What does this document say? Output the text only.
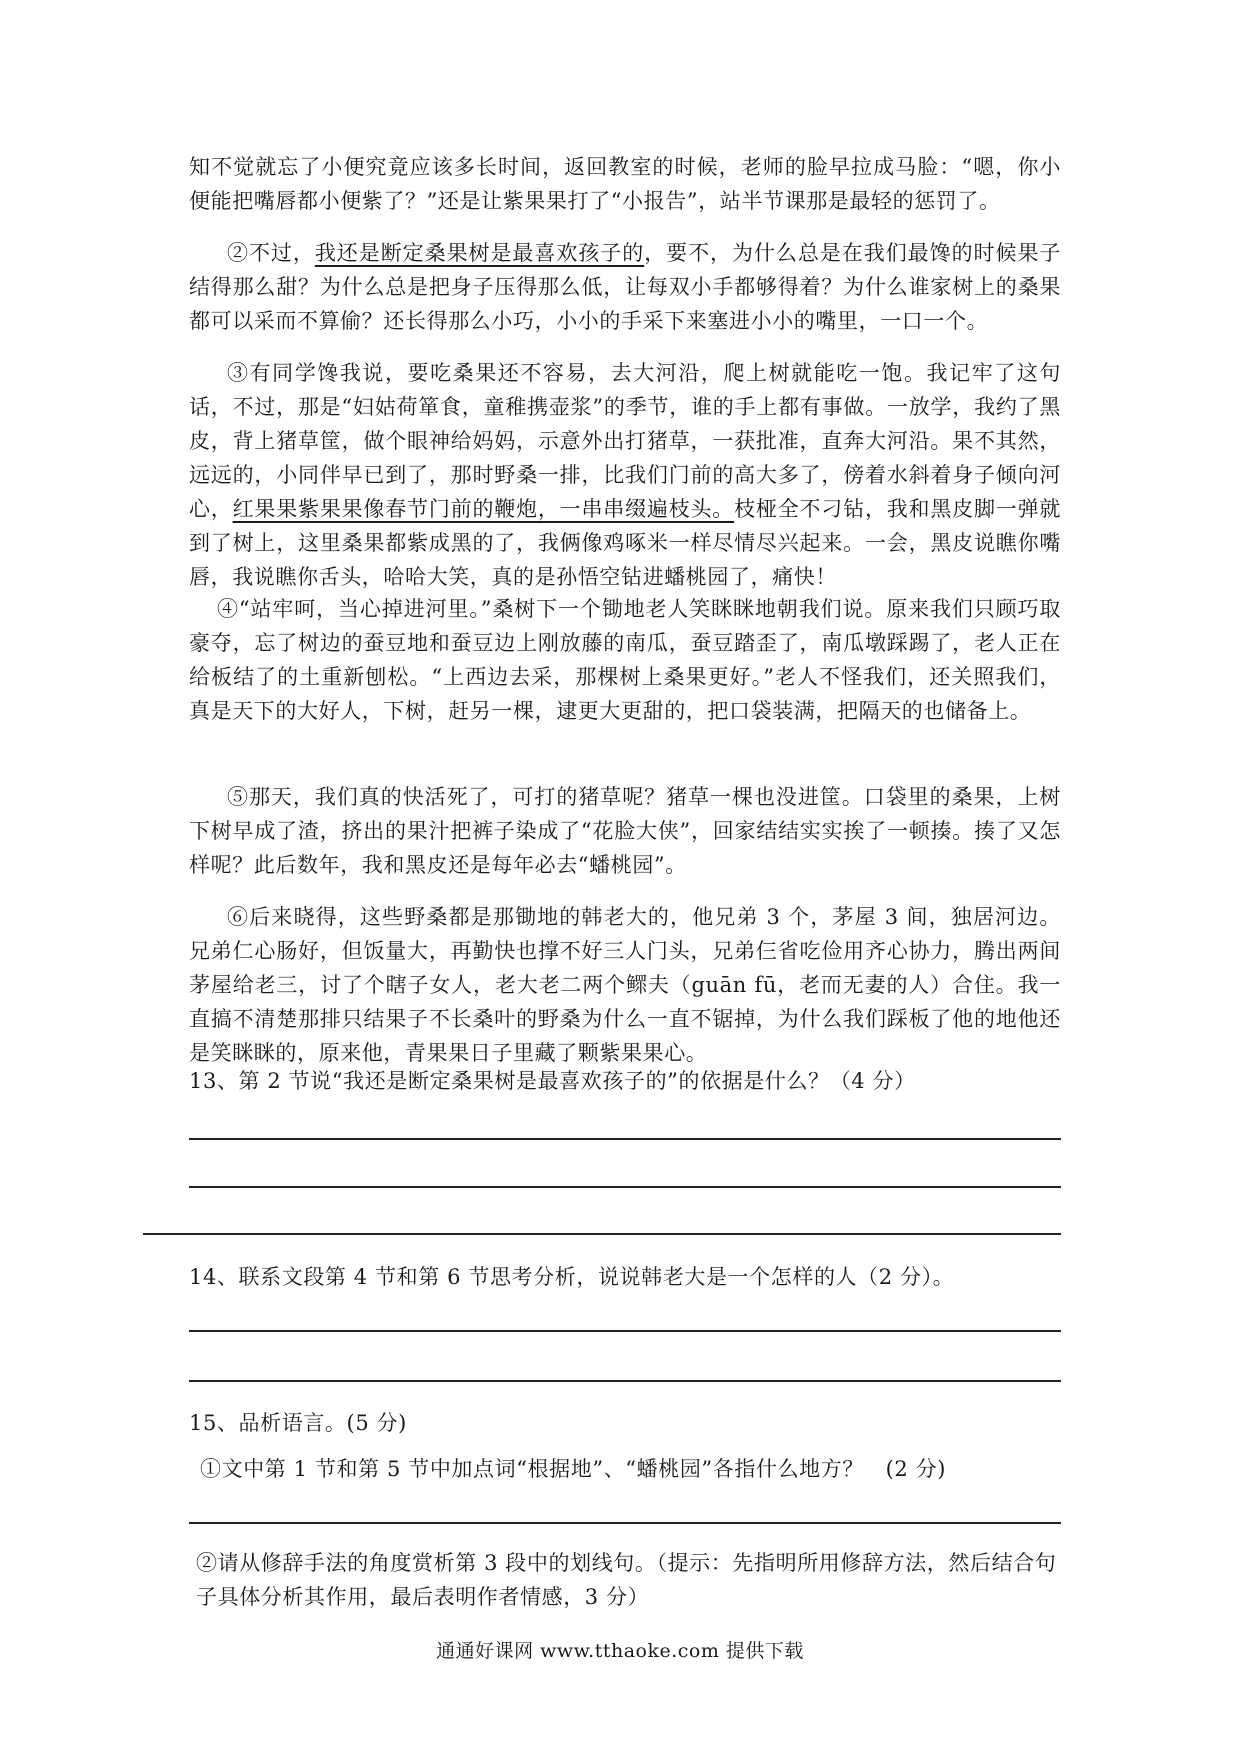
知不觉就忘了小便究竟应该多长时间，返回教室的时候，老师的脸早拉成马脸：“嗯，你小便能把嘴唇都小便紫了？”还是让紫果果打了“小报告”，站半节课那是最轻的惩罚了。
②不过，我还是断定桑果树是最喜欢孩子的，要不，为什么总是在我们最馋的时候果子结得那么甜？为什么总是把身子压得那么低，让每双小手都够得着？为什么谁家树上的桑果都可以采而不算偷？还长得那么小巧，小小的手采下来塞进小小的嘴里，一口一个。
③有同学馋我说，要吃桑果还不容易，去大河沿，爬上树就能吃一饱。我记牢了这句话，不过，那是“妇姑荷箪食，童稚携壶浆”的季节，谁的手上都有事做。一放学，我约了黑皮，背上猪草筐，做个眼神给妈妈，示意外出打猪草，一获批准，直奔大河沿。果不其然，远远的，小同伴早已到了，那时野桑一排，比我们门前的高大多了，傍着水斜着身子倾向河心，红果果紫果果像春节门前的鞭炮，一串串缀遍枝头。枝桠全不刁钻，我和黑皮脚一弹就到了树上，这里桑果都紫成黑的了，我俩像鸡啄米一样尽情尽兴起来。一会，黑皮说瞧你嘴唇，我说瞧你舌头，哈哈大笑，真的是孙悟空钻进蟠桃园了，痛快！
④“站牢呵，当心掉进河里。”桑树下一个锄地老人笑眯眯地朝我们说。原来我们只顾巧取豪夺，忘了树边的蚕豆地和蚕豆边上刚放藤的南瓜，蚕豆踏歪了，南瓜墩踩踢了，老人正在给板结了的土重新刨松。“上西边去采，那棵树上桑果更好。”老人不怪我们，还关照我们，真是天下的大好人，下树，赶另一棵，逮更大更甜的，把口袋装满，把隔天的也储备上。
⑤那天，我们真的快活死了，可打的猪草呢？猪草一棵也没进筐。口袋里的桑果，上树下树早成了渣，挤出的果汁把裤子染成了“花脸大侠”，回家结结实实挨了一顿揍。揍了又怎样呢？此后数年，我和黑皮还是每年必去“蟠桃园”。
⑥后来晓得，这些野桑都是那锄地的韩老大的，他兄弟 3 个，茅屋 3 间，独居河边。兄弟仁心肠好，但饭量大，再勤快也撑不好三人门头，兄弟仨省吃俭用齐心协力，腾出两间茅屋给老三，讨了个瞎子女人，老大老二两个鳏夫（guān fū，老而无妻的人）合住。我一直搞不清楚那排只结果子不长桑叶的野桑为什么一直不锯掉，为什么我们踩板了他的地他还是笑眯眯的，原来他，青果果日子里藏了颗紫果果心。
13、第 2 节说“我还是断定桑果树是最喜欢孩子的”的依据是什么？（4 分）
14、联系文段第 4 节和第 6 节思考分析，说说韩老大是一个怎样的人（2 分）。
15、品析语言。(5 分)
①文中第 1 节和第 5 节中加点词“根据地”、“蟠桃园”各指什么地方？　(2 分)
②请从修辞手法的角度赏析第 3 段中的划线句。（提示：先指明所用修辞方法，然后结合句子具体分析其作用，最后表明作者情感，3 分）
通通好课网 www.tthaoke.com 提供下载
